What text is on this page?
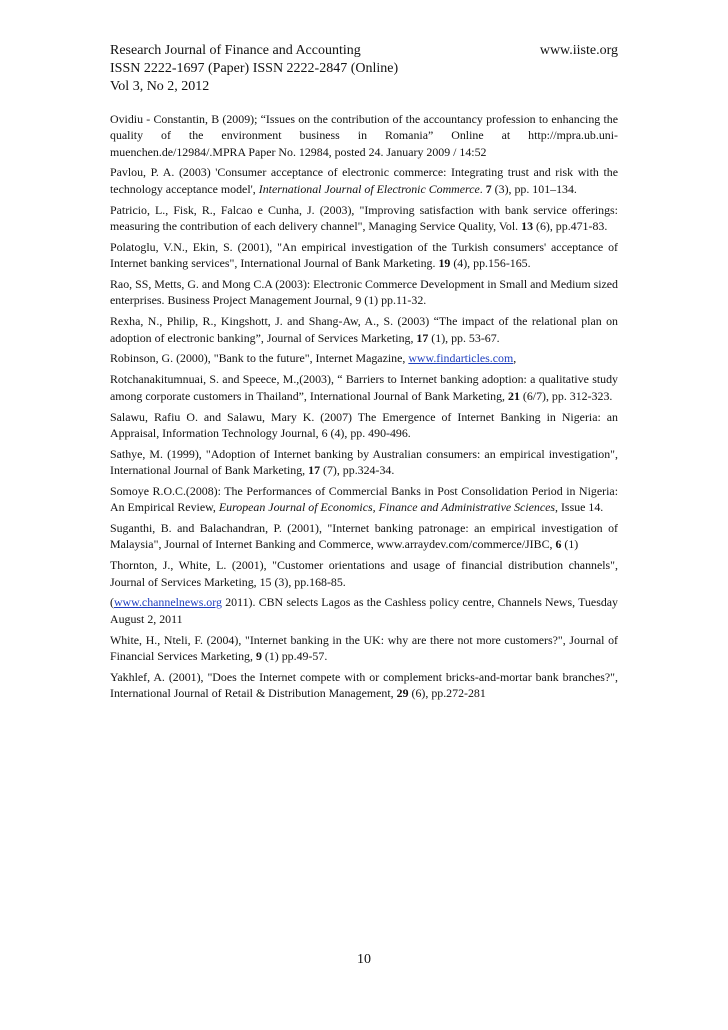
Research Journal of Finance and Accounting	www.iiste.org
ISSN 2222-1697 (Paper) ISSN 2222-2847 (Online)
Vol 3, No 2, 2012

Ovidiu - Constantin, B (2009); “Issues on the contribution of the accountancy profession to enhancing the quality of the environment business in Romania” Online at http://mpra.ub.uni-muenchen.de/12984/.MPRA Paper No. 12984, posted 24. January 2009 / 14:52

Pavlou, P. A. (2003) 'Consumer acceptance of electronic commerce: Integrating trust and risk with the technology acceptance model', International Journal of Electronic Commerce. 7 (3), pp. 101–134.

Patricio, L., Fisk, R., Falcao e Cunha, J. (2003), "Improving satisfaction with bank service offerings: measuring the contribution of each delivery channel", Managing Service Quality, Vol. 13 (6), pp.471-83.

Polatoglu, V.N., Ekin, S. (2001), "An empirical investigation of the Turkish consumers' acceptance of Internet banking services", International Journal of Bank Marketing. 19 (4), pp.156-165.

Rao, SS, Metts, G. and Mong C.A (2003): Electronic Commerce Development in Small and Medium sized enterprises. Business Project Management Journal, 9 (1) pp.11-32.

Rexha, N., Philip, R., Kingshott, J. and Shang-Aw, A., S. (2003) “The impact of the relational plan on adoption of electronic banking”, Journal of Services Marketing, 17 (1), pp. 53-67.

Robinson, G. (2000), "Bank to the future", Internet Magazine, www.findarticles.com,

Rotchanakitumnuai, S. and Speece, M.,(2003), “ Barriers to Internet banking adoption: a qualitative study among corporate customers in Thailand”, International Journal of Bank Marketing, 21 (6/7), pp. 312-323.

Salawu, Rafiu O. and Salawu, Mary K. (2007) The Emergence of Internet Banking in Nigeria: an Appraisal, Information Technology Journal, 6 (4), pp. 490-496.

Sathye, M. (1999), "Adoption of Internet banking by Australian consumers: an empirical investigation", International Journal of Bank Marketing, 17 (7), pp.324-34.

Somoye R.O.C.(2008): The Performances of Commercial Banks in Post Consolidation Period in Nigeria: An Empirical Review, European Journal of Economics, Finance and Administrative Sciences, Issue 14.

Suganthi, B. and Balachandran, P. (2001), "Internet banking patronage: an empirical investigation of Malaysia", Journal of Internet Banking and Commerce, www.arraydev.com/commerce/JIBC, 6 (1)

Thornton, J., White, L. (2001), "Customer orientations and usage of financial distribution channels", Journal of Services Marketing, 15 (3), pp.168-85.

(www.channelnews.org 2011). CBN selects Lagos as the Cashless policy centre, Channels News, Tuesday August 2, 2011

White, H., Nteli, F. (2004), "Internet banking in the UK: why are there not more customers?", Journal of Financial Services Marketing, 9 (1) pp.49-57.

Yakhlef, A. (2001), "Does the Internet compete with or complement bricks-and-mortar bank branches?", International Journal of Retail & Distribution Management, 29 (6), pp.272-281

10
